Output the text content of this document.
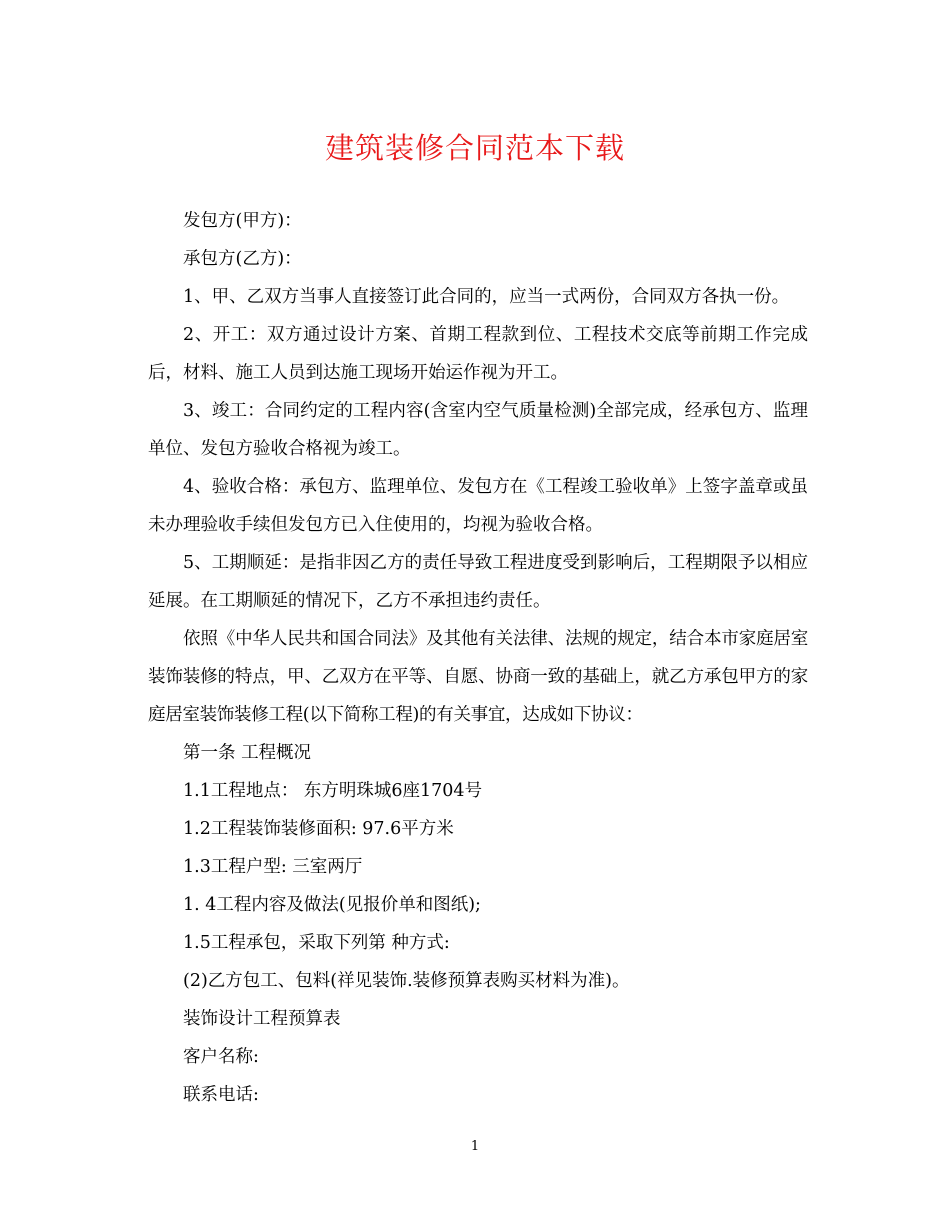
建筑装修合同范本下载

发包方(甲方)：

承包方(乙方)：

1、甲、乙双方当事人直接签订此合同的，应当一式两份，合同双方各执一份。

2、开工：双方通过设计方案、首期工程款到位、工程技术交底等前期工作完成后，材料、施工人员到达施工现场开始运作视为开工。

3、竣工：合同约定的工程内容(含室内空气质量检测)全部完成，经承包方、监理单位、发包方验收合格视为竣工。

4、验收合格：承包方、监理单位、发包方在《工程竣工验收单》上签字盖章或虽未办理验收手续但发包方已入住使用的，均视为验收合格。

5、工期顺延：是指非因乙方的责任导致工程进度受到影响后，工程期限予以相应延展。在工期顺延的情况下，乙方不承担违约责任。

依照《中华人民共和国合同法》及其他有关法律、法规的规定，结合本市家庭居室装饰装修的特点，甲、乙双方在平等、自愿、协商一致的基础上，就乙方承包甲方的家庭居室装饰装修工程(以下简称工程)的有关事宜，达成如下协议：

第一条 工程概况

1.1工程地点： 东方明珠城6座1704号

1.2工程装饰装修面积: 97.6平方米

1.3工程户型: 三室两厅

1. 4工程内容及做法(见报价单和图纸);

1.5工程承包，采取下列第 种方式:

(2)乙方包工、包料(祥见装饰.装修预算表购买材料为准)。

装饰设计工程预算表

客户名称:

联系电话:

1
